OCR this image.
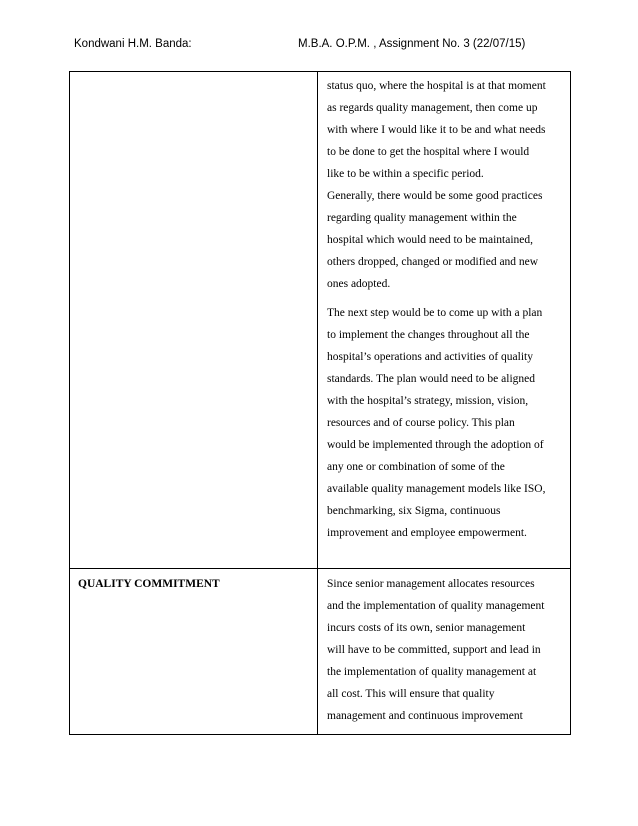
Kondwani H.M. Banda:	M.B.A. O.P.M. , Assignment No. 3 (22/07/15)
status quo, where the hospital is at that moment
as regards quality management, then come up
with where I would like it to be and what needs
to be done to get the hospital where I would
like to be within a specific period.
Generally, there would be some good practices
regarding quality management within the
hospital which would need to be maintained,
others dropped, changed or modified and new
ones adopted.
The next step would be to come up with a plan
to implement the changes throughout all the
hospital’s operations and activities of quality
standards. The plan would need to be aligned
with the hospital’s strategy, mission, vision,
resources and of course policy. This plan
would be implemented through the adoption of
any one or combination of some of the
available quality management models like ISO,
benchmarking, six Sigma, continuous
improvement and employee empowerment.
QUALITY COMMITMENT	Since senior management allocates resources
and the implementation of quality management
incurs costs of its own, senior management
will have to be committed, support and lead in
the implementation of quality management at
all cost. This will ensure that quality
management and continuous improvement
